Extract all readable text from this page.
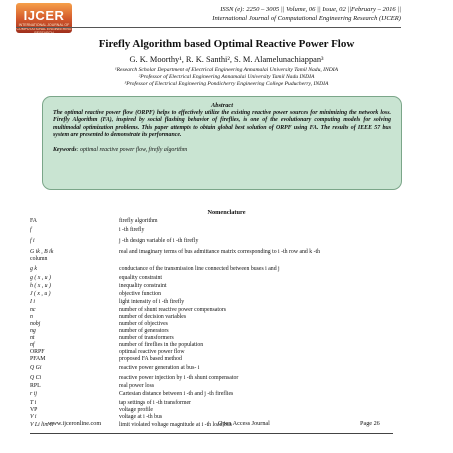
IJCER
INTERNATIONAL JOURNAL OF COMPUTATIONAL ENGINEERING RESEARCH
ISSN (e): 2250 – 3005 || Volume, 06 || Issue, 02 ||February – 2016 ||
International Journal of Computational Engineering Research (IJCER)
Firefly Algorithm based Optimal Reactive Power Flow
G. K. Moorthy¹, R. K. Santhi², S. M. Alamelunachiappan³
¹Research Scholar Department of Electrical Engineering Annamalai University Tamil Nadu, INDIA
²Professor of Electrical Engineering Annamalai University Tamil Nadu INDIA
³Professor of Electrical Engineering Pondicherry Engineering College Puducherry, INDIA
Abstract
The optimal reactive power flow (ORPF) helps to effectively utilize the existing reactive power sources for minimizing the network loss. Firefly Algorithm (FA), inspired by social flashing behavior of fireflies, is one of the evolutionary computing models for solving multimodal optimization problems. This paper attempts to obtain global best solution of ORPF using FA. The results of IEEE 57 bus system are presented to demonstrate its performance.
Keywords: optimal reactive power flow, firefly algorithm
Nomenclature
FA	firefly algorithm
f	i -th firefly
f i	j -th design variable of i -th firefly
G ik , B ik	real and imaginary terms of bus admittance matrix corresponding to i -th row and k -th
column
g k	conductance of the transmission line connected between buses i and j
g ( x , u )	equality constraint
h ( x , u )	inequality constraint
J ( x , u )	objective function
I i	light intensity of i -th firefly
nc	number of shunt reactive power compensators
n	number of decision variables
nobj	number of objectives
ng	number of generators
nt	number of transformers
nf	number of fireflies in the population
ORPF	optimal reactive power flow
PFAM	proposed FA based method
Q Gi	reactive power generation at bus- i
Q Ci	reactive power injection by i -th shunt compensator
RPL	real power loss
r ij	Cartesian distance between i -th and j -th fireflies
T i	tap settings of i -th transformer
VP	voltage profile
V i	voltage at i -th bus
V Li lim it	limit violated voltage magnitude at i -th load bus
www.ijceronline.com	Open Access Journal	Page 26
